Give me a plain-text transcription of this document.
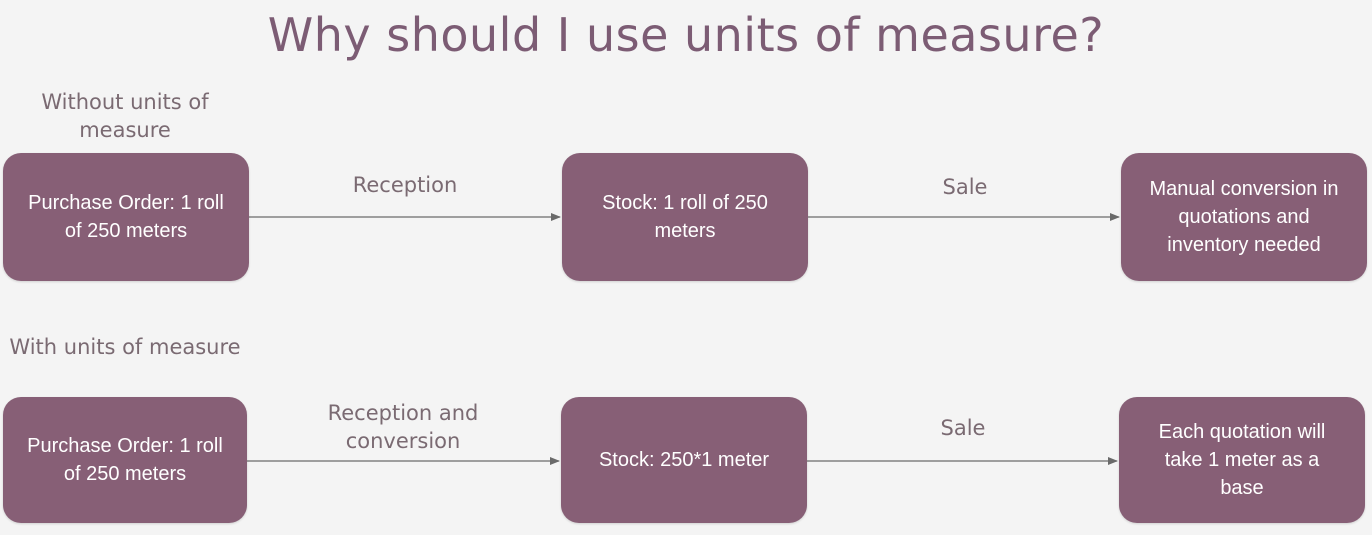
Why should I use units of measure?
Without units of measure
Purchase Order: 1 roll of 250 meters
Reception
Stock: 1 roll of 250 meters
Sale	Manual conversion in quotations and inventory needed
With units of measure
Purchase Order: 1 roll of 250 meters
Reception and conversion
Stock: 250*1 meter
Sale	Each quotation will take 1 meter as a base
